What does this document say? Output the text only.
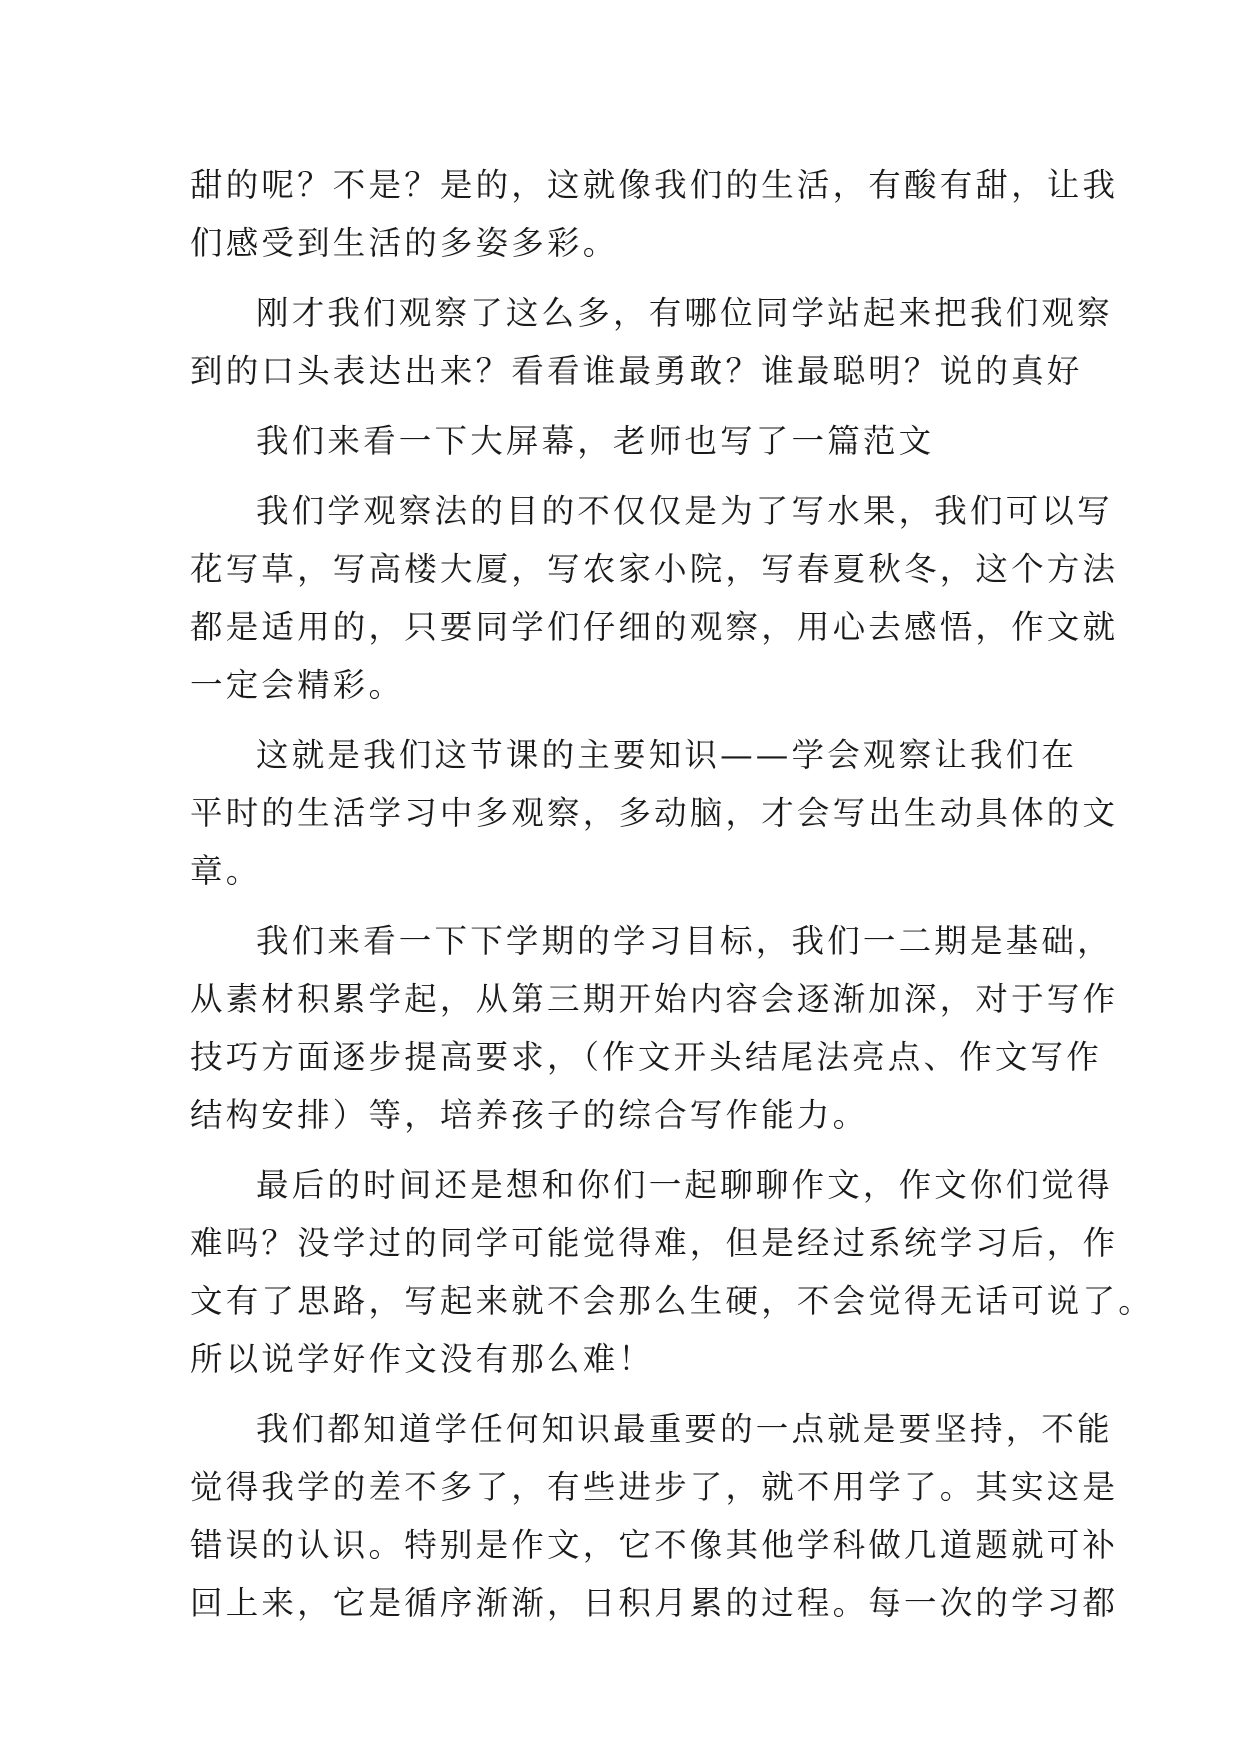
甜的呢？不是？是的，这就像我们的生活，有酸有甜，让我
们感受到生活的多姿多彩。
刚才我们观察了这么多，有哪位同学站起来把我们观察
到的口头表达出来？看看谁最勇敢？谁最聪明？说的真好
我们来看一下大屏幕，老师也写了一篇范文
我们学观察法的目的不仅仅是为了写水果，我们可以写
花写草，写高楼大厦，写农家小院，写春夏秋冬，这个方法
都是适用的，只要同学们仔细的观察，用心去感悟，作文就
一定会精彩。
这就是我们这节课的主要知识——学会观察让我们在
平时的生活学习中多观察，多动脑，才会写出生动具体的文
章。
我们来看一下下学期的学习目标，我们一二期是基础，
从素材积累学起，从第三期开始内容会逐渐加深，对于写作
技巧方面逐步提高要求，（作文开头结尾法亮点、作文写作
结构安排）等，培养孩子的综合写作能力。
最后的时间还是想和你们一起聊聊作文，作文你们觉得
难吗？没学过的同学可能觉得难，但是经过系统学习后，作
文有了思路，写起来就不会那么生硬，不会觉得无话可说了。
所以说学好作文没有那么难！
我们都知道学任何知识最重要的一点就是要坚持，不能
觉得我学的差不多了，有些进步了，就不用学了。其实这是
错误的认识。特别是作文，它不像其他学科做几道题就可补
回上来，它是循序渐渐，日积月累的过程。每一次的学习都
